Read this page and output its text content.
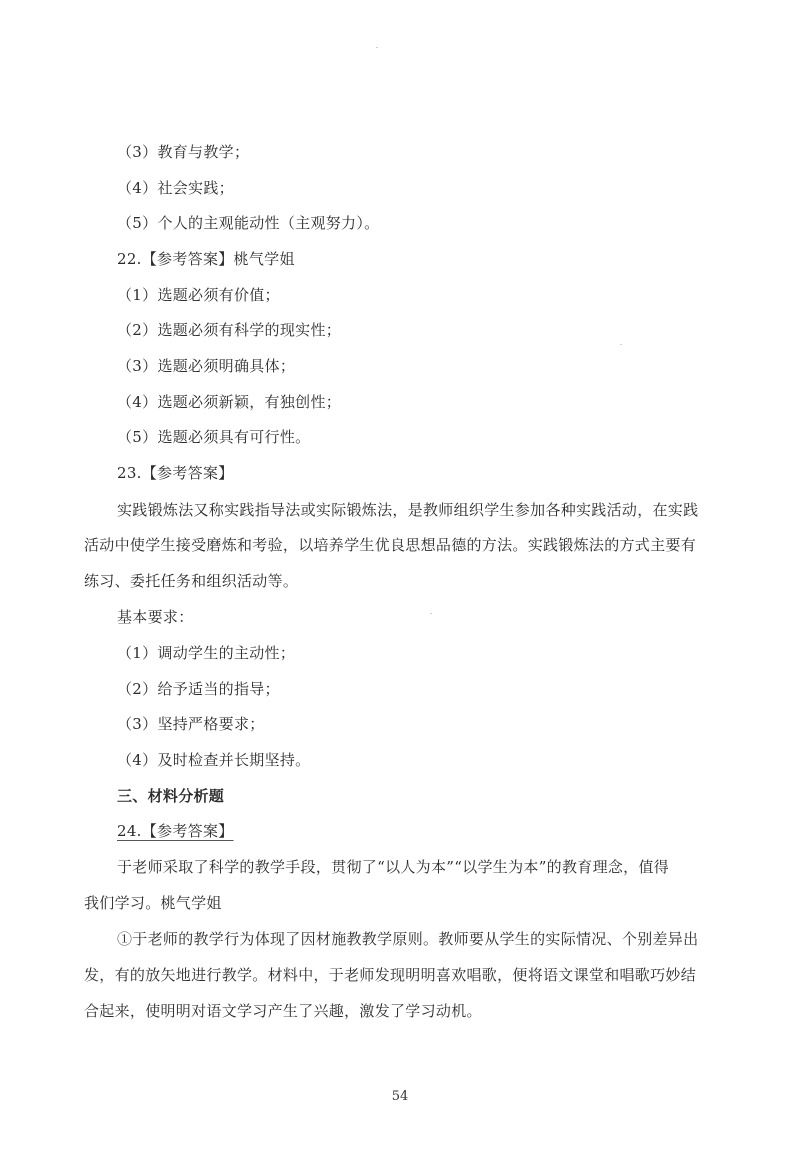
（3）教育与教学；
（4）社会实践；
（5）个人的主观能动性（主观努力）。
22.【参考答案】桃气学姐
（1）选题必须有价值；
（2）选题必须有科学的现实性；
（3）选题必须明确具体；
（4）选题必须新颖，有独创性；
（5）选题必须具有可行性。
23.【参考答案】
实践锻炼法又称实践指导法或实际锻炼法，是教师组织学生参加各种实践活动，在实践
活动中使学生接受磨炼和考验，以培养学生优良思想品德的方法。实践锻炼法的方式主要有
练习、委托任务和组织活动等。
基本要求：
（1）调动学生的主动性；
（2）给予适当的指导；
（3）坚持严格要求；
（4）及时检查并长期坚持。
三、材料分析题
24.【参考答案】
于老师采取了科学的教学手段，贯彻了“以人为本”“以学生为本”的教育理念，值得
我们学习。桃气学姐
①于老师的教学行为体现了因材施教教学原则。教师要从学生的实际情况、个别差异出
发，有的放矢地进行教学。材料中，于老师发现明明喜欢唱歌，便将语文课堂和唱歌巧妙结
合起来，使明明对语文学习产生了兴趣，激发了学习动机。
54
